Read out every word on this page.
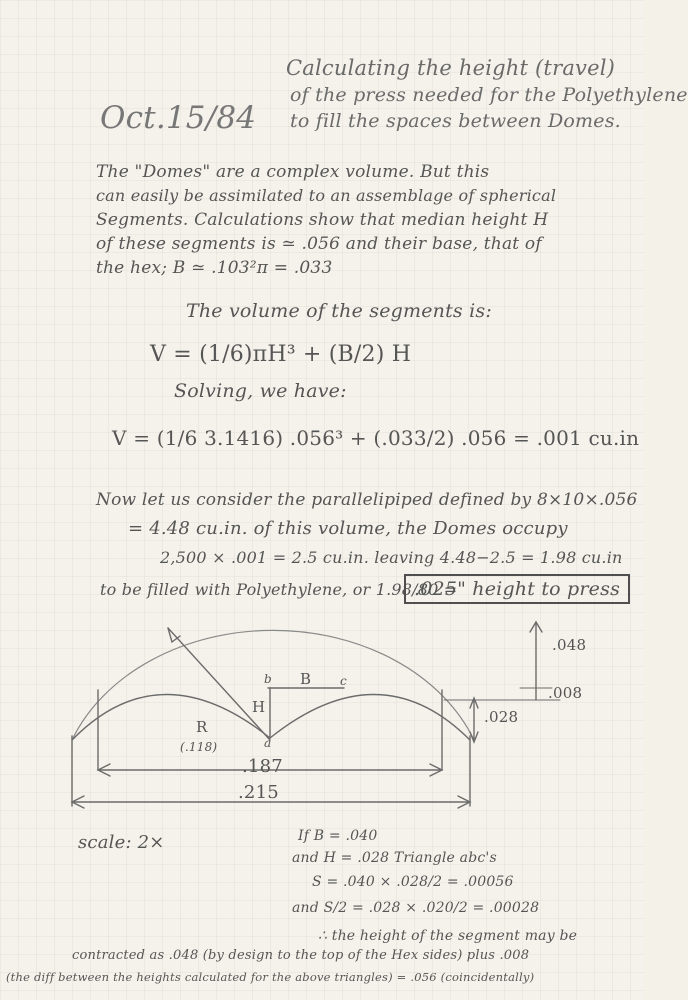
Calculating the height (travel)
of the press needed for the Polyethylene
to fill the spaces between Domes.
Oct.15/84
The "Domes" are a complex volume. But this
can easily be assimilated to an assemblage of spherical
Segments. Calculations show that median height H
of these segments is ≃ .056 and their base, that of
the hex; B ≃ .103²π = .033
The volume of the segments is:
V = (1/6)πH³ + (B/2) H
Solving, we have:
V = (1/6 3.1416) .056³ + (.033/2) .056 = .001 cu.in
Now let us consider the parallelipiped defined by 8×10×.056
= 4.48 cu.in. of this volume, the Domes occupy
2,500 × .001 = 2.5 cu.in. leaving 4.48−2.5 = 1.98 cu.in
to be filled with Polyethylene, or 1.98/80 =
.025" height to press
.048
.008
.028
R
(.118)
H
B
b	c
a
.187
.215
scale: 2×	If B = .040
and H = .028 Triangle abc's
S = .040 × .028/2 = .00056
and S/2 = .028 × .020/2 = .00028
∴ the height of the segment may be
contracted as .048 (by design to the top of the Hex sides) plus .008
(the diff between the heights calculated for the above triangles) = .056 (coincidentally)
